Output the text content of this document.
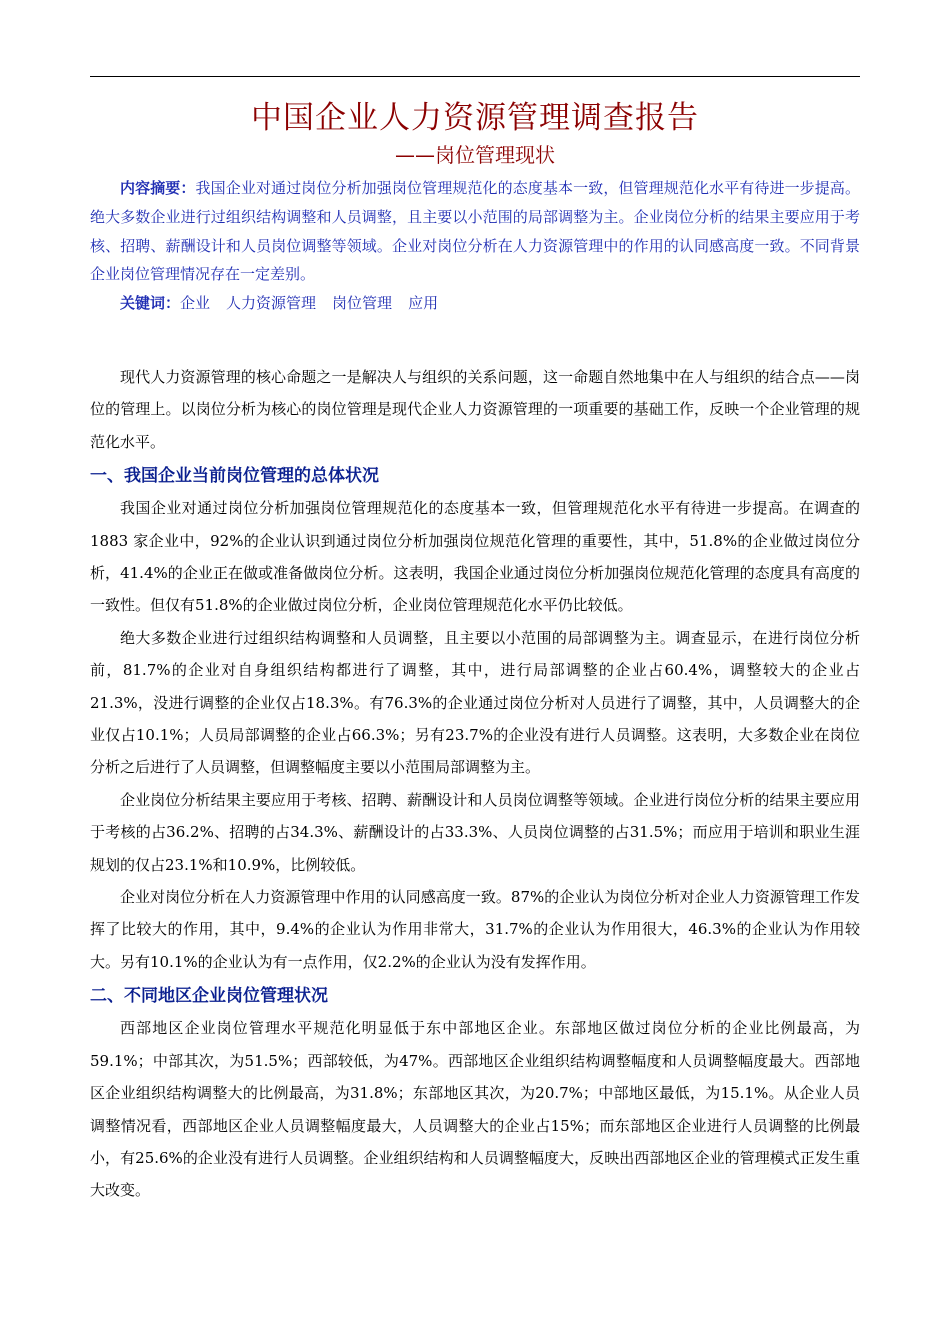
中国企业人力资源管理调查报告

——岗位管理现状

内容摘要：我国企业对通过岗位分析加强岗位管理规范化的态度基本一致，但管理规范化水平有待进一步提高。绝大多数企业进行过组织结构调整和人员调整，且主要以小范围的局部调整为主。企业岗位分析的结果主要应用于考核、招聘、薪酬设计和人员岗位调整等领域。企业对岗位分析在人力资源管理中的作用的认同感高度一致。不同背景企业岗位管理情况存在一定差别。

关键词：企业 人力资源管理 岗位管理 应用

现代人力资源管理的核心命题之一是解决人与组织的关系问题，这一命题自然地集中在人与组织的结合点——岗位的管理上。以岗位分析为核心的岗位管理是现代企业人力资源管理的一项重要的基础工作，反映一个企业管理的规范化水平。

一、我国企业当前岗位管理的总体状况

我国企业对通过岗位分析加强岗位管理规范化的态度基本一致，但管理规范化水平有待进一步提高。在调查的1883 家企业中，92%的企业认识到通过岗位分析加强岗位规范化管理的重要性，其中，51.8%的企业做过岗位分析，41.4%的企业正在做或准备做岗位分析。这表明，我国企业通过岗位分析加强岗位规范化管理的态度具有高度的一致性。但仅有51.8%的企业做过岗位分析，企业岗位管理规范化水平仍比较低。

绝大多数企业进行过组织结构调整和人员调整，且主要以小范围的局部调整为主。调查显示，在进行岗位分析前，81.7%的企业对自身组织结构都进行了调整，其中，进行局部调整的企业占60.4%，调整较大的企业占21.3%，没进行调整的企业仅占18.3%。有76.3%的企业通过岗位分析对人员进行了调整，其中，人员调整大的企业仅占10.1%；人员局部调整的企业占66.3%；另有23.7%的企业没有进行人员调整。这表明，大多数企业在岗位分析之后进行了人员调整，但调整幅度主要以小范围局部调整为主。

企业岗位分析结果主要应用于考核、招聘、薪酬设计和人员岗位调整等领域。企业进行岗位分析的结果主要应用于考核的占36.2%、招聘的占34.3%、薪酬设计的占33.3%、人员岗位调整的占31.5%；而应用于培训和职业生涯规划的仅占23.1%和10.9%，比例较低。

企业对岗位分析在人力资源管理中作用的认同感高度一致。87%的企业认为岗位分析对企业人力资源管理工作发挥了比较大的作用，其中，9.4%的企业认为作用非常大，31.7%的企业认为作用很大，46.3%的企业认为作用较大。另有10.1%的企业认为有一点作用，仅2.2%的企业认为没有发挥作用。

二、不同地区企业岗位管理状况

西部地区企业岗位管理水平规范化明显低于东中部地区企业。东部地区做过岗位分析的企业比例最高，为59.1%；中部其次，为51.5%；西部较低，为47%。西部地区企业组织结构调整幅度和人员调整幅度最大。西部地区企业组织结构调整大的比例最高，为31.8%；东部地区其次，为20.7%；中部地区最低，为15.1%。从企业人员调整情况看，西部地区企业人员调整幅度最大，人员调整大的企业占15%；而东部地区企业进行人员调整的比例最小，有25.6%的企业没有进行人员调整。企业组织结构和人员调整幅度大，反映出西部地区企业的管理模式正发生重大改变。
